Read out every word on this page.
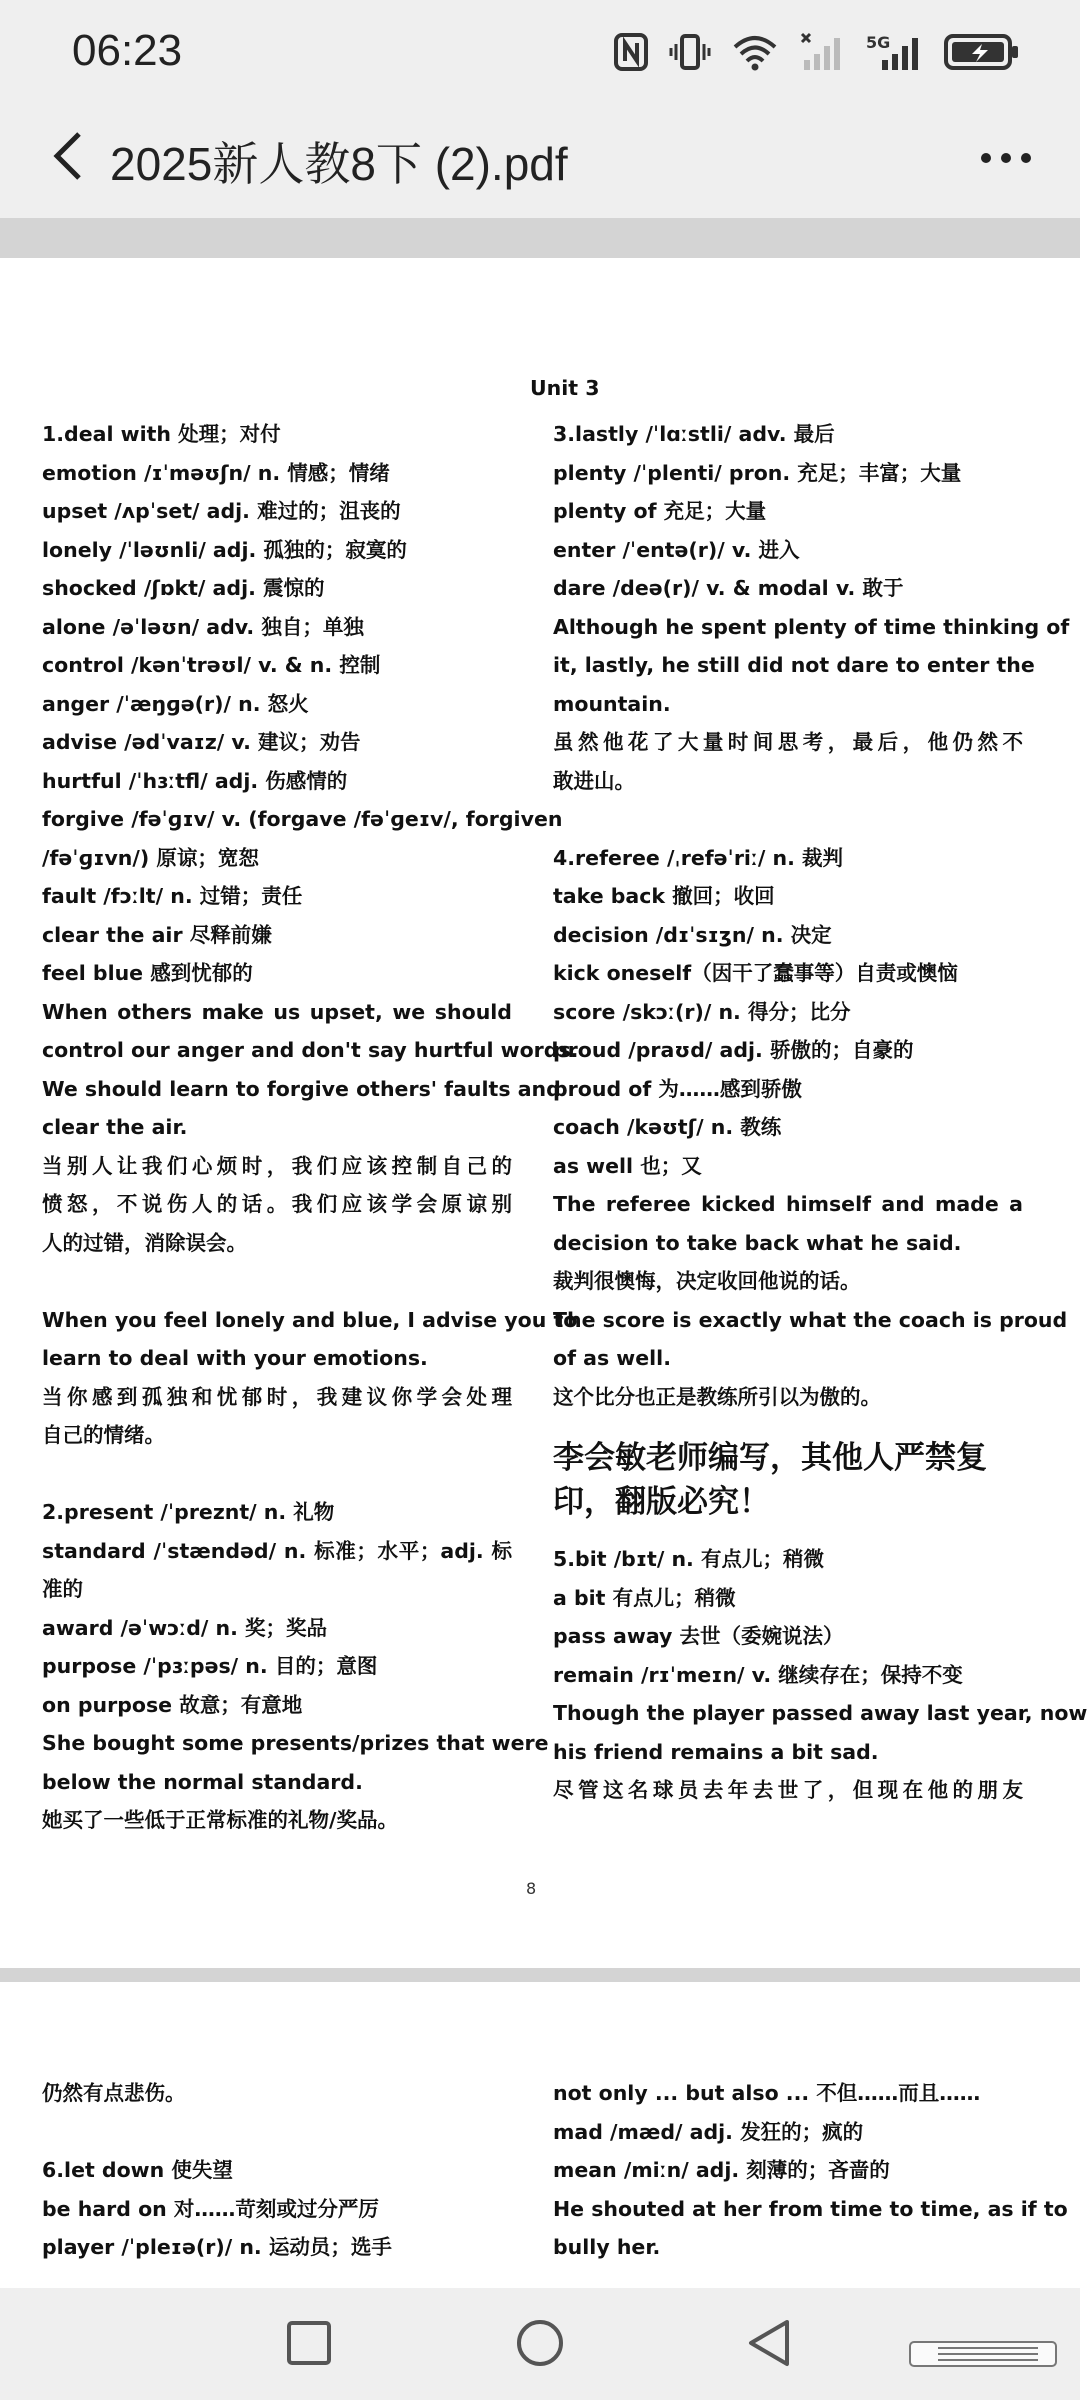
06:23	5G
2025新人教8下 (2).pdf
Unit 3
1.deal with 处理；对付
emotion /ɪˈməʊʃn/ n. 情感；情绪
upset /ʌpˈset/ adj. 难过的；沮丧的
lonely /ˈləʊnli/ adj. 孤独的；寂寞的
shocked /ʃɒkt/ adj. 震惊的
alone /əˈləʊn/ adv. 独自；单独
control /kənˈtrəʊl/ v. & n. 控制
anger /ˈæŋɡə(r)/ n. 怒火
advise /ədˈvaɪz/ v. 建议；劝告
hurtful /ˈhɜːtfl/ adj. 伤感情的
forgive /fəˈɡɪv/ v. (forgave /fəˈɡeɪv/, forgiven
/fəˈɡɪvn/) 原谅；宽恕
fault /fɔːlt/ n. 过错；责任
clear the air 尽释前嫌
feel blue 感到忧郁的
When others make us upset, we should
control our anger and don't say hurtful words.
We should learn to forgive others' faults and
clear the air.
当别人让我们心烦时，我们应该控制自己的
愤怒，不说伤人的话。我们应该学会原谅别
人的过错，消除误会。
When you feel lonely and blue, I advise you to
learn to deal with your emotions.
当你感到孤独和忧郁时，我建议你学会处理
自己的情绪。
2.present /ˈpreznt/ n. 礼物
standard /ˈstændəd/ n. 标准；水平；adj. 标
准的
award /əˈwɔːd/ n. 奖；奖品
purpose /ˈpɜːpəs/ n. 目的；意图
on purpose 故意；有意地
She bought some presents/prizes that were
below the normal standard.
她买了一些低于正常标准的礼物/奖品。
3.lastly /ˈlɑːstli/ adv. 最后
plenty /ˈplenti/ pron. 充足；丰富；大量
plenty of 充足；大量
enter /ˈentə(r)/ v. 进入
dare /deə(r)/ v. & modal v. 敢于
Although he spent plenty of time thinking of
it, lastly, he still did not dare to enter the
mountain.
虽然他花了大量时间思考，最后，他仍然不
敢进山。
4.referee /ˌrefəˈriː/ n. 裁判
take back 撤回；收回
decision /dɪˈsɪʒn/ n. 决定
kick oneself（因干了蠢事等）自责或懊恼
score /skɔː(r)/ n. 得分；比分
proud /praʊd/ adj. 骄傲的；自豪的
proud of 为……感到骄傲
coach /kəʊtʃ/ n. 教练
as well 也；又
The referee kicked himself and made a
decision to take back what he said.
裁判很懊悔，决定收回他说的话。
The score is exactly what the coach is proud
of as well.
这个比分也正是教练所引以为傲的。
李会敏老师编写，其他人严禁复
印，翻版必究！
5.bit /bɪt/ n. 有点儿；稍微
a bit 有点儿；稍微
pass away 去世（委婉说法）
remain /rɪˈmeɪn/ v. 继续存在；保持不变
Though the player passed away last year, now
his friend remains a bit sad.
尽管这名球员去年去世了，但现在他的朋友
8
仍然有点悲伤。
6.let down 使失望
be hard on 对……苛刻或过分严厉
player /ˈpleɪə(r)/ n. 运动员；选手
not only ... but also ... 不但……而且……
mad /mæd/ adj. 发狂的；疯的
mean /miːn/ adj. 刻薄的；吝啬的
He shouted at her from time to time, as if to
bully her.
